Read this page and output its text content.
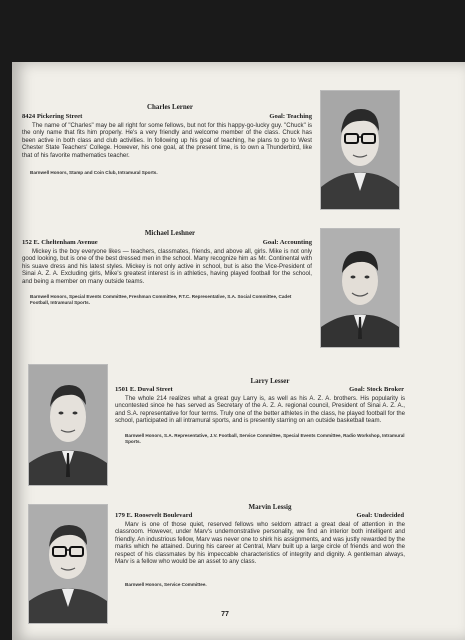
Charles Lerner
8424 Pickering Street	Goal: Teaching

The name of "Charles" may be all right for some fellows, but not for this happy-go-lucky guy. "Chuck" is the only name that fits him properly. He's a very friendly and welcome member of the class. Chuck has been active in both class and club activities. In following up his goal of teaching, he plans to go to West Chester State Teachers' College. However, his one goal, at the present time, is to own a Thunderbird, like that of his favorite mathematics teacher.

Barnwell Honors, Stamp and Coin Club, Intramural Sports.

Michael Leshner
152 E. Cheltenham Avenue	Goal: Accounting

Mickey is the boy everyone likes — teachers, classmates, friends, and above all, girls. Mike is not only good looking, but is one of the best dressed men in the school. Many recognize him as Mr. Continental with his suave dress and his latest styles. Mickey is not only active in school, but is also the Vice-President of Sinai A. Z. A. Excluding girls, Mike's greatest interest is in athletics, having played football for the school, and being a member on many outside teams.

Barnwell Honors, Special Events Committee, Freshman Committee, P.T.C. Representative, S.A. Social Committee, Cadet Football, Intramural Sports.

Larry Lesser
1501 E. Duval Street	Goal: Stock Broker

The whole 214 realizes what a great guy Larry is, as well as his A. Z. A. brothers. His popularity is uncontested since he has served as Secretary of the A. Z. A. regional council, President of Sinai A. Z. A., and S.A. representative for four terms. Truly one of the better athletes in the class, he played football for the school, participated in all intramural sports, and is presently starring on an outside basketball team.

Barnwell Honors, S.A. Representative, J.V. Football, Service Committee, Special Events Committee, Radio Workshop, Intramural Sports.

Marvin Lessig
179 E. Roosevelt Boulevard	Goal: Undecided

Marv is one of those quiet, reserved fellows who seldom attract a great deal of attention in the classroom. However, under Marv's undemonstrative personality, we find an interior both intelligent and friendly. An industrious fellow, Marv was never one to shirk his assignments, and was justly rewarded by the marks which he attained. During his career at Central, Marv built up a large circle of friends and won the respect of his classmates by his impeccable characteristics of integrity and dignity. A gentleman always, Marv is a fellow who would be an asset to any class.

Barnwell Honors, Service Committee.

77
